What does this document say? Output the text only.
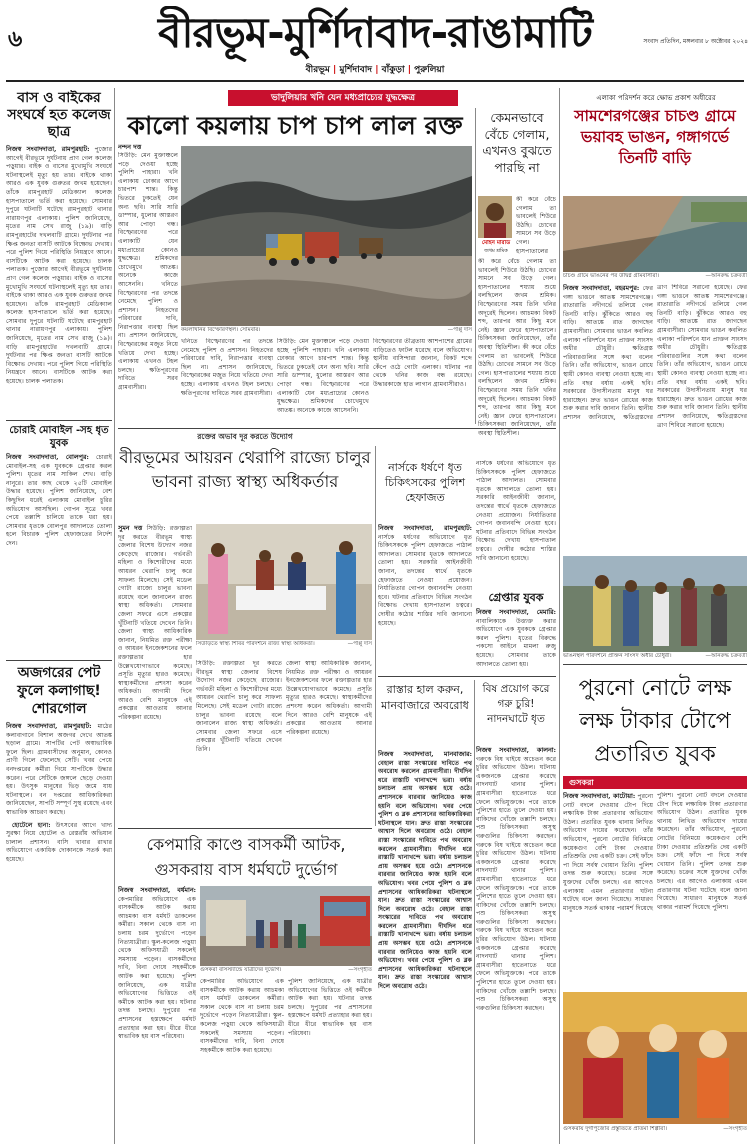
৬	বীরভূম-মুর্শিদাবাদ-রাঙামাটি	সংবাদ প্রতিদিন, মঙ্গলবার ৮ অক্টোবর ২০২৪
বীরভূম | মুর্শিদাবাদ | বাঁকুড়া | পুরুলিয়া
বাস ও বাইকের সংঘর্ষে হত কলেজ ছাত্র
নিজস্ব সংবাদদাতা, রামপুরহাট: পুজোর আগেই বীরভূমে দুর্ঘটনায় প্রাণ গেল কলেজ পড়ুয়ার। বাইক ও বাসের মুখোমুখি সংঘর্ষে ঘটনাস্থলেই মৃত্যু হয় তার। বাইকে থাকা আরও এক যুবক গুরুতর জখম হয়েছেন। তাঁকে রামপুরহাট মেডিক্যাল কলেজ হাসপাতালে ভর্তি করা হয়েছে। সোমবার দুপুরে ঘটনাটি ঘটেছে রামপুরহাট থানার নারায়ণপুর এলাকায়। পুলিশ জানিয়েছে, মৃতের নাম সেখ রাজু (১৯)। বাড়ি রামপুরহাটের দখলবাটি গ্রামে। দুর্ঘটনার পর ক্ষিপ্ত জনতা বাসটি আটকে বিক্ষোভ দেখায়। পরে পুলিশ গিয়ে পরিস্থিতি নিয়ন্ত্রণে আনে। বাসটিকে আটক করা হয়েছে। চালক পলাতক। পুজোর আগেই বীরভূমে দুর্ঘটনায় প্রাণ গেল কলেজ পড়ুয়ার। বাইক ও বাসের মুখোমুখি সংঘর্ষে ঘটনাস্থলেই মৃত্যু হয় তার। বাইকে থাকা আরও এক যুবক গুরুতর জখম হয়েছেন। তাঁকে রামপুরহাট মেডিক্যাল কলেজ হাসপাতালে ভর্তি করা হয়েছে। সোমবার দুপুরে ঘটনাটি ঘটেছে রামপুরহাট থানার নারায়ণপুর এলাকায়। পুলিশ জানিয়েছে, মৃতের নাম সেখ রাজু (১৯)। বাড়ি রামপুরহাটের দখলবাটি গ্রামে। দুর্ঘটনার পর ক্ষিপ্ত জনতা বাসটি আটকে বিক্ষোভ দেখায়। পরে পুলিশ গিয়ে পরিস্থিতি নিয়ন্ত্রণে আনে। বাসটিকে আটক করা হয়েছে। চালক পলাতক।
চোরাই মোবাইল -সহ ধৃত যুবক
নিজস্ব সংবাদদাতা, বোলপুর: চোরাই মোবাইল-সহ এক যুবককে গ্রেপ্তার করল পুলিশ। ধৃতের নাম সাকিল শেখ। বাড়ি নানুরে। তার কাছ থেকে ২৫টি মোবাইল উদ্ধার হয়েছে। পুলিশ জানিয়েছে, বেশ কিছুদিন ধরেই এলাকায় মোবাইল চুরির অভিযোগ আসছিল। গোপন সূত্রে খবর পেয়ে তল্লাশি চালিয়ে তাকে ধরা হয়। সোমবার ধৃতকে বোলপুর আদালতে তোলা হলে বিচারক পুলিশ হেফাজতের নির্দেশ দেন।
অজগরের পেট ফুলে কলাগাছ! শোরগোল
নিজস্ব সংবাদদাতা, রামপুরহাট: মাঠের কলাবাগানে বিশাল অজগর দেখে আতঙ্ক ছড়াল গ্রামে। সাপটির পেট অস্বাভাবিক ফুলে ছিল। গ্রামবাসীদের অনুমান, কোনও প্রাণী গিলে ফেলেছে সেটি। খবর পেয়ে বনদপ্তরের কর্মীরা গিয়ে সাপটিকে উদ্ধার করেন। পরে সেটিকে জঙ্গলে ছেড়ে দেওয়া হয়। উৎসুক মানুষের ভিড় জমে যায় ঘটনাস্থলে। বন দপ্তরের আধিকারিকরা জানিয়েছেন, সাপটি সম্পূর্ণ সুস্থ রয়েছে এবং স্বাভাবিক আচরণ করছে।

হোটেলে হানা: উৎসবের আগে খাদ্য সুরক্ষা নিয়ে হোটেল ও রেস্তরাঁয় অভিযান চালাল প্রশাসন। বাসি খাবার রাখার অভিযোগে একাধিক দোকানকে সতর্ক করা হয়েছে।

ভাদুলিয়ার খনি যেন মধ্যপ্রাচ্যের যুদ্ধক্ষেত্র
নন্দন দত্ত
কালো কয়লায় চাপ চাপ লাল রক্ত
সিউড়ি: মেন মুক্তাঞ্চলে পড়ে দেওয়া হচ্ছে পুলিশি পাহারা। খনি এলাকায় ঢোকার আগে চারপাশ শান্ত। কিন্তু ভিতরে ঢুকতেই যেন অন্য ছবি। সারি সারি ডাম্পার, ধুলোর আস্তরণ আর পোড়া গন্ধ। বিস্ফোরণের পরে এলাকাটি যেন মধ্যপ্রাচ্যের কোনও যুদ্ধক্ষেত্র। শ্রমিকদের চোখেমুখে আতঙ্ক। অনেকে কাজে আসেননি।	খনিতে বিস্ফোরণের পর তদন্তে নেমেছে পুলিশ ও প্রশাসন। নিহতদের পরিবারের দাবি, নিরাপত্তার ব্যবস্থা ছিল না। প্রশাসন জানিয়েছে, বিস্ফোরকের মজুত নিয়ে খতিয়ে দেখা হচ্ছে। এলাকায় এখনও টহল চলছে। ক্ষতিপূরণের দাবিতে সরব গ্রামবাসীরা।
কয়লাখনির বিস্ফোরণস্থল। সোমবার।	—পাপ্পু দাস
খনিতে বিস্ফোরণের পর তদন্তে নেমেছে পুলিশ ও প্রশাসন। নিহতদের পরিবারের দাবি, নিরাপত্তার ব্যবস্থা ছিল না। প্রশাসন জানিয়েছে, বিস্ফোরকের মজুত নিয়ে খতিয়ে দেখা হচ্ছে। এলাকায় এখনও টহল চলছে। ক্ষতিপূরণের দাবিতে সরব গ্রামবাসীরা।
সিউড়ি: মেন মুক্তাঞ্চলে পড়ে দেওয়া হচ্ছে পুলিশি পাহারা। খনি এলাকায় ঢোকার আগে চারপাশ শান্ত। কিন্তু ভিতরে ঢুকতেই যেন অন্য ছবি। সারি সারি ডাম্পার, ধুলোর আস্তরণ আর পোড়া গন্ধ। বিস্ফোরণের পরে এলাকাটি যেন মধ্যপ্রাচ্যের কোনও যুদ্ধক্ষেত্র। শ্রমিকদের চোখেমুখে আতঙ্ক। অনেকে কাজে আসেননি।
বিস্ফোরণের তীব্রতায় আশপাশের গ্রামের বাড়িতেও ফাটল ধরেছে বলে অভিযোগ। স্থানীয় বাসিন্দারা জানান, বিকট শব্দে কেঁপে ওঠে গোটা এলাকা। ঘটনার পর থেকে খনির কাজ বন্ধ রয়েছে। উদ্ধারকাজে হাত লাগান গ্রামবাসীরাও।
কেমনভাবে বেঁচে গেলাম, এখনও বুঝতে পারছি না
মোহন মারডি
জখম শ্রমিক
কী করে বেঁচে গেলাম তা ভাবলেই শিউরে উঠছি। চোখের সামনে সব উড়ে গেল। হাসপাতালের
কী করে বেঁচে গেলাম তা ভাবলেই শিউরে উঠছি। চোখের সামনে সব উড়ে গেল। হাসপাতালের শয্যায় শুয়ে বলছিলেন জখম শ্রমিক। বিস্ফোরণের সময় তিনি খনির অদূরেই ছিলেন। আচমকা বিকট শব্দ, তারপর আর কিছু মনে নেই। জ্ঞান ফেরে হাসপাতালে। চিকিৎসকরা জানিয়েছেন, তাঁর অবস্থা স্থিতিশীল। কী করে বেঁচে গেলাম তা ভাবলেই শিউরে উঠছি। চোখের সামনে সব উড়ে গেল। হাসপাতালের শয্যায় শুয়ে বলছিলেন জখম শ্রমিক। বিস্ফোরণের সময় তিনি খনির অদূরেই ছিলেন। আচমকা বিকট শব্দ, তারপর আর কিছু মনে নেই। জ্ঞান ফেরে হাসপাতালে। চিকিৎসকরা জানিয়েছেন, তাঁর অবস্থা স্থিতিশীল।
এলাকা পরিদর্শন করে ক্ষোভ প্রকাশ অধীরের
সামশেরগঞ্জের চাচণ্ড গ্রামে ভয়াবহ ভাঙন, গঙ্গাগর্ভে তিনটি বাড়ি
চাচণ্ড গ্রামে ভাঙনের পর উদ্বিগ্ন গ্রামবাসীরা।	—অনিরুদ্ধ চক্রবর্তী
নিজস্ব সংবাদদাতা, বহরমপুর: ফের গঙ্গা ভাঙনে আতঙ্ক সামশেরগঞ্জে। রাতারাতি নদীগর্ভে তলিয়ে গেল তিনটি বাড়ি। ঝুঁকিতে আরও বহু বাড়ি। আতঙ্কে রাত জাগছেন গ্রামবাসীরা। সোমবার ভাঙন কবলিত এলাকা পরিদর্শনে যান প্রাক্তন সাংসদ অধীর চৌধুরী। ক্ষতিগ্রস্ত পরিবারগুলির সঙ্গে কথা বলেন তিনি। তাঁর অভিযোগ, ভাঙন রোধে স্থায়ী কোনও ব্যবস্থা নেওয়া হচ্ছে না। প্রতি বছর বর্ষায় একই ছবি। সরকারের উদাসীনতায় মানুষ ঘর হারাচ্ছেন। দ্রুত ভাঙন রোধের কাজ শুরু করার দাবি জানান তিনি। স্থানীয় প্রশাসন জানিয়েছে, ক্ষতিগ্রস্তদের ত্রাণ শিবিরে সরানো হয়েছে। ফের গঙ্গা ভাঙনে আতঙ্ক সামশেরগঞ্জে। রাতারাতি নদীগর্ভে তলিয়ে গেল তিনটি বাড়ি। ঝুঁকিতে আরও বহু বাড়ি। আতঙ্কে রাত জাগছেন গ্রামবাসীরা। সোমবার ভাঙন কবলিত এলাকা পরিদর্শনে যান প্রাক্তন সাংসদ অধীর চৌধুরী। ক্ষতিগ্রস্ত পরিবারগুলির সঙ্গে কথা বলেন তিনি। তাঁর অভিযোগ, ভাঙন রোধে স্থায়ী কোনও ব্যবস্থা নেওয়া হচ্ছে না। প্রতি বছর বর্ষায় একই ছবি। সরকারের উদাসীনতায় মানুষ ঘর হারাচ্ছেন। দ্রুত ভাঙন রোধের কাজ শুরু করার দাবি জানান তিনি। স্থানীয় প্রশাসন জানিয়েছে, ক্ষতিগ্রস্তদের ত্রাণ শিবিরে সরানো হয়েছে।
ভাঙনস্থল পরিদর্শনে প্রাক্তন সাংসদ অধীর চৌধুরী।	—অনিরুদ্ধ চক্রবর্তী
পুরনো নোটে লক্ষ লক্ষ টাকার টোপে প্রতারিত যুবক
গুসকরা
নিজস্ব সংবাদদাতা, কাটোয়া: পুরনো নোট বদলে দেওয়ার টোপ দিয়ে লক্ষাধিক টাকা প্রতারণার অভিযোগ উঠল। প্রতারিত যুবক থানায় লিখিত অভিযোগ দায়ের করেছেন। তাঁর অভিযোগ, পুরনো নোটের বিনিময়ে কয়েকগুণ বেশি টাকা দেওয়ার প্রতিশ্রুতি দেয় একটি চক্র। সেই ফাঁদে পা দিয়ে সর্বস্ব খোয়ান তিনি। পুলিশ তদন্ত শুরু করেছে। চক্রের সঙ্গে যুক্তদের খোঁজ চলছে। এর আগেও এলাকায় এমন প্রতারণার ঘটনা ঘটেছে বলে জানা গিয়েছে। সাধারণ মানুষকে সতর্ক থাকার পরামর্শ দিয়েছে পুলিশ। পুরনো নোট বদলে দেওয়ার টোপ দিয়ে লক্ষাধিক টাকা প্রতারণার অভিযোগ উঠল। প্রতারিত যুবক থানায় লিখিত অভিযোগ দায়ের করেছেন। তাঁর অভিযোগ, পুরনো নোটের বিনিময়ে কয়েকগুণ বেশি টাকা দেওয়ার প্রতিশ্রুতি দেয় একটি চক্র। সেই ফাঁদে পা দিয়ে সর্বস্ব খোয়ান তিনি। পুলিশ তদন্ত শুরু করেছে। চক্রের সঙ্গে যুক্তদের খোঁজ চলছে। এর আগেও এলাকায় এমন প্রতারণার ঘটনা ঘটেছে বলে জানা গিয়েছে। সাধারণ মানুষকে সতর্ক থাকার পরামর্শ দিয়েছে পুলিশ।
গুসকরায় দুর্গাপুজোর প্রস্তুতিতে প্রতিমা শিল্পীরা।	—সংগৃহীত
রক্তের অভাব দূর করতে উদ্যোগ
বীরভূমের আয়রন থেরাপি রাজ্যে চালুর ভাবনা রাজ্য স্বাস্থ্য অধিকর্তার
সুমন দত্ত সিউড়ি: রক্তাল্পতা দূর করতে বীরভূম স্বাস্থ্য জেলার বিশেষ উদ্যোগ নজর কেড়েছে রাজ্যের। গর্ভবতী মহিলা ও কিশোরীদের মধ্যে আয়রন থেরাপি চালু করে সাফল্য মিলেছে। সেই মডেল গোটা রাজ্যে চালুর ভাবনা রয়েছে বলে জানালেন রাজ্য স্বাস্থ্য অধিকর্তা। সোমবার জেলা সফরে এসে প্রকল্পের খুঁটিনাটি খতিয়ে দেখেন তিনি। জেলা স্বাস্থ্য আধিকারিক জানান, নিয়মিত রক্ত পরীক্ষা ও আয়রন ইনজেকশনের ফলে রক্তাল্পতার হার উল্লেখযোগ্যভাবে কমেছে। প্রসূতি মৃত্যুর হারও কমেছে। স্বাস্থ্যকর্মীদের প্রশংসা করেন অধিকর্তা। আগামী দিনে আরও বেশি মানুষকে এই প্রকল্পের আওতায় আনার পরিকল্পনা রয়েছে।
সিউড়িতে স্বাস্থ্য শিবির পরিদর্শনে রাজ্য স্বাস্থ্য অধিকর্তা।	—পাপ্পু দাস
সিউড়ি: রক্তাল্পতা দূর করতে বীরভূম স্বাস্থ্য জেলার বিশেষ উদ্যোগ নজর কেড়েছে রাজ্যের। গর্ভবতী মহিলা ও কিশোরীদের মধ্যে আয়রন থেরাপি চালু করে সাফল্য মিলেছে। সেই মডেল গোটা রাজ্যে চালুর ভাবনা রয়েছে বলে জানালেন রাজ্য স্বাস্থ্য অধিকর্তা। সোমবার জেলা সফরে এসে প্রকল্পের খুঁটিনাটি খতিয়ে দেখেন তিনি।
জেলা স্বাস্থ্য আধিকারিক জানান, নিয়মিত রক্ত পরীক্ষা ও আয়রন ইনজেকশনের ফলে রক্তাল্পতার হার উল্লেখযোগ্যভাবে কমেছে। প্রসূতি মৃত্যুর হারও কমেছে। স্বাস্থ্যকর্মীদের প্রশংসা করেন অধিকর্তা। আগামী দিনে আরও বেশি মানুষকে এই প্রকল্পের আওতায় আনার পরিকল্পনা রয়েছে।
নার্সকে ধর্ষণে ধৃত চিকিৎসকের পুলিশ হেফাজত
নিজস্ব সংবাদদাতা, রামপুরহাট: নার্সকে ধর্ষণের অভিযোগে ধৃত চিকিৎসককে পুলিশ হেফাজতে পাঠাল আদালত। সোমবার ধৃতকে আদালতে তোলা হয়। সরকারি আইনজীবী জানান, তদন্তের স্বার্থে ধৃতকে হেফাজতে নেওয়া প্রয়োজন। নির্যাতিতার গোপন জবানবন্দি নেওয়া হবে। ঘটনার প্রতিবাদে বিভিন্ন সংগঠন বিক্ষোভ দেখায় হাসপাতাল চত্বরে। দোষীর কঠোর শাস্তির দাবি জানানো হয়েছে।
নার্সকে ধর্ষণের অভিযোগে ধৃত চিকিৎসককে পুলিশ হেফাজতে পাঠাল আদালত। সোমবার ধৃতকে আদালতে তোলা হয়। সরকারি আইনজীবী জানান, তদন্তের স্বার্থে ধৃতকে হেফাজতে নেওয়া প্রয়োজন। নির্যাতিতার গোপন জবানবন্দি নেওয়া হবে। ঘটনার প্রতিবাদে বিভিন্ন সংগঠন বিক্ষোভ দেখায় হাসপাতাল চত্বরে। দোষীর কঠোর শাস্তির দাবি জানানো হয়েছে।
গ্রেপ্তার যুবক
নিজস্ব সংবাদদাতা, মেমারি: নাবালিকাকে উত্ত্যক্ত করার অভিযোগে এক যুবককে গ্রেপ্তার করল পুলিশ। ধৃতের বিরুদ্ধে পকসো আইনে মামলা রুজু হয়েছে। সোমবার তাকে আদালতে তোলা হয়।
রাস্তার হাল করুন, মানবাজারে অবরোধ
নিজস্ব সংবাদদাতা, মানবাজার: বেহাল রাস্তা সংস্কারের দাবিতে পথ অবরোধ করলেন গ্রামবাসীরা। দীর্ঘদিন ধরে রাস্তাটি খানাখন্দে ভরা। বর্ষায় চলাচল প্রায় অসম্ভব হয়ে ওঠে। প্রশাসনকে বারবার জানিয়েও কাজ হয়নি বলে অভিযোগ। খবর পেয়ে পুলিশ ও ব্লক প্রশাসনের আধিকারিকরা ঘটনাস্থলে যান। দ্রুত রাস্তা সংস্কারের আশ্বাস দিলে অবরোধ ওঠে। বেহাল রাস্তা সংস্কারের দাবিতে পথ অবরোধ করলেন গ্রামবাসীরা। দীর্ঘদিন ধরে রাস্তাটি খানাখন্দে ভরা। বর্ষায় চলাচল প্রায় অসম্ভব হয়ে ওঠে। প্রশাসনকে বারবার জানিয়েও কাজ হয়নি বলে অভিযোগ। খবর পেয়ে পুলিশ ও ব্লক প্রশাসনের আধিকারিকরা ঘটনাস্থলে যান। দ্রুত রাস্তা সংস্কারের আশ্বাস দিলে অবরোধ ওঠে। বেহাল রাস্তা সংস্কারের দাবিতে পথ অবরোধ করলেন গ্রামবাসীরা। দীর্ঘদিন ধরে রাস্তাটি খানাখন্দে ভরা। বর্ষায় চলাচল প্রায় অসম্ভব হয়ে ওঠে। প্রশাসনকে বারবার জানিয়েও কাজ হয়নি বলে অভিযোগ। খবর পেয়ে পুলিশ ও ব্লক প্রশাসনের আধিকারিকরা ঘটনাস্থলে যান। দ্রুত রাস্তা সংস্কারের আশ্বাস দিলে অবরোধ ওঠে।
বিষ প্রয়োগ করে গরু চুরি! নাদনঘাটে ধৃত
নিজস্ব সংবাদদাতা, কালনা: গরুকে বিষ খাইয়ে অচেতন করে চুরির অভিযোগ উঠল। ঘটনায় একজনকে গ্রেপ্তার করেছে নাদনঘাট থানার পুলিশ। গ্রামবাসীরা হাতেনাতে ধরে ফেলে অভিযুক্তকে। পরে তাকে পুলিশের হাতে তুলে দেওয়া হয়। বাকিদের খোঁজে তল্লাশি চলছে। পশু চিকিৎসকরা অসুস্থ গরুগুলির চিকিৎসা করছেন। গরুকে বিষ খাইয়ে অচেতন করে চুরির অভিযোগ উঠল। ঘটনায় একজনকে গ্রেপ্তার করেছে নাদনঘাট থানার পুলিশ। গ্রামবাসীরা হাতেনাতে ধরে ফেলে অভিযুক্তকে। পরে তাকে পুলিশের হাতে তুলে দেওয়া হয়। বাকিদের খোঁজে তল্লাশি চলছে। পশু চিকিৎসকরা অসুস্থ গরুগুলির চিকিৎসা করছেন। গরুকে বিষ খাইয়ে অচেতন করে চুরির অভিযোগ উঠল। ঘটনায় একজনকে গ্রেপ্তার করেছে নাদনঘাট থানার পুলিশ। গ্রামবাসীরা হাতেনাতে ধরে ফেলে অভিযুক্তকে। পরে তাকে পুলিশের হাতে তুলে দেওয়া হয়। বাকিদের খোঁজে তল্লাশি চলছে। পশু চিকিৎসকরা অসুস্থ গরুগুলির চিকিৎসা করছেন।
কেপমারি কাণ্ডে বাসকর্মী আটক, গুসকরায় বাস ধর্মঘটে দুর্ভোগ
নিজস্ব সংবাদদাতা, বর্ধমান: কেপমারির অভিযোগে এক বাসকর্মীকে আটক করায় আচমকা বাস ধর্মঘট ডাকলেন কর্মীরা। সকাল থেকে বাস না চলায় চরম দুর্ভোগে পড়েন নিত্যযাত্রীরা। স্কুল-কলেজ পড়ুয়া থেকে অফিসযাত্রী সকলেই সমস্যায় পড়েন। বাসকর্মীদের দাবি, বিনা দোষে সহকর্মীকে আটক করা হয়েছে। পুলিশ জানিয়েছে, এক যাত্রীর অভিযোগের ভিত্তিতে ওই কর্মীকে আটক করা হয়। ঘটনার তদন্ত চলছে। দুপুরের পর প্রশাসনের হস্তক্ষেপে ধর্মঘট প্রত্যাহার করা হয়। ধীরে ধীরে স্বাভাবিক হয় বাস পরিষেবা।
গুসকরা বাসস্ট্যান্ডে যাত্রীদের দুর্ভোগ।	—সংগৃহীত
কেপমারির অভিযোগে এক বাসকর্মীকে আটক করায় আচমকা বাস ধর্মঘট ডাকলেন কর্মীরা। সকাল থেকে বাস না চলায় চরম দুর্ভোগে পড়েন নিত্যযাত্রীরা। স্কুল-কলেজ পড়ুয়া থেকে অফিসযাত্রী সকলেই সমস্যায় পড়েন। বাসকর্মীদের দাবি, বিনা দোষে সহকর্মীকে আটক করা হয়েছে।
পুলিশ জানিয়েছে, এক যাত্রীর অভিযোগের ভিত্তিতে ওই কর্মীকে আটক করা হয়। ঘটনার তদন্ত চলছে। দুপুরের পর প্রশাসনের হস্তক্ষেপে ধর্মঘট প্রত্যাহার করা হয়। ধীরে ধীরে স্বাভাবিক হয় বাস পরিষেবা।
